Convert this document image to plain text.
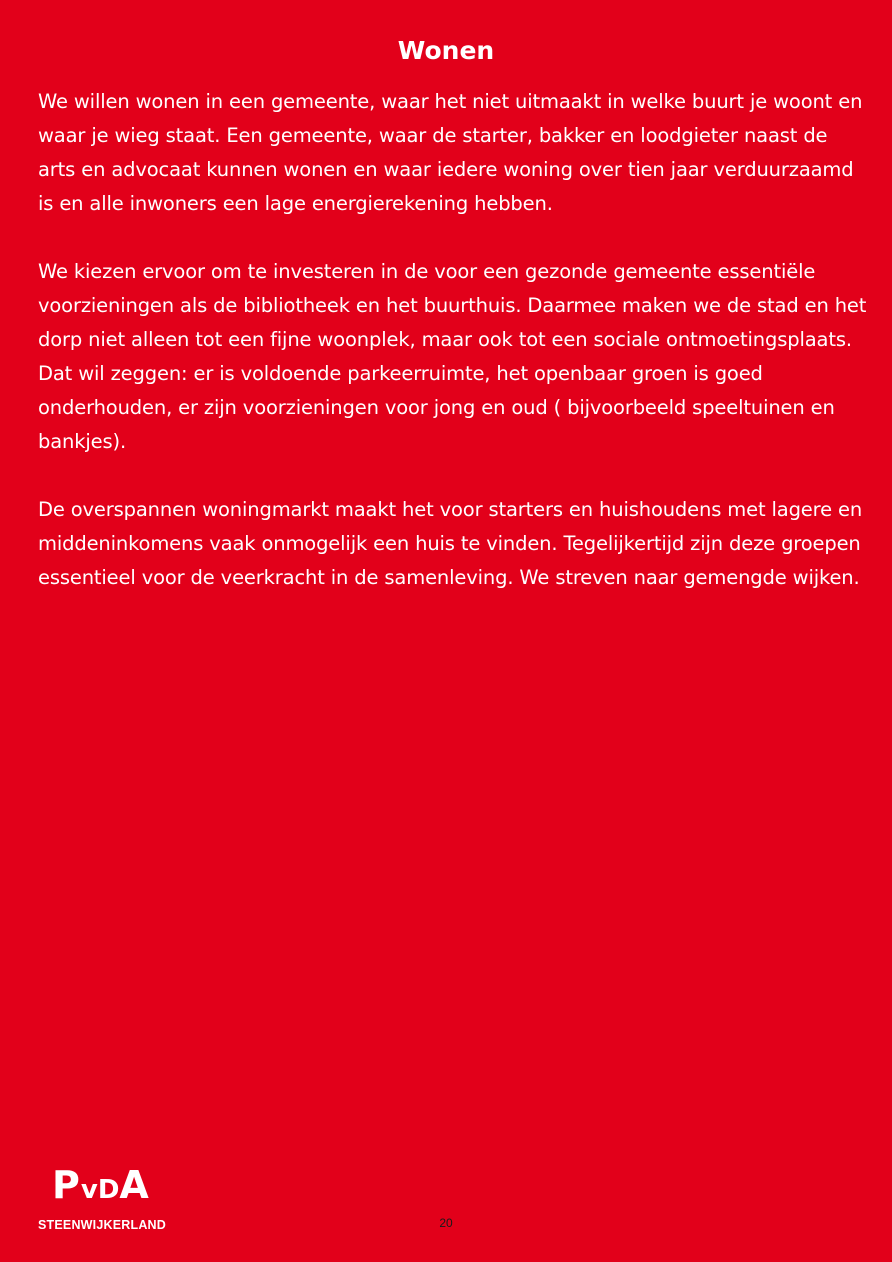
Wonen

We willen wonen in een gemeente, waar het niet uitmaakt in welke buurt je woont en waar je wieg staat. Een gemeente, waar de starter, bakker en loodgieter naast de arts en advocaat kunnen wonen en waar iedere woning over tien jaar verduurzaamd is en alle inwoners een lage energierekening hebben.

We kiezen ervoor om te investeren in de voor een gezonde gemeente essentiële voorzieningen als de bibliotheek en het buurthuis. Daarmee maken we de stad en het dorp niet alleen tot een fijne woonplek, maar ook tot een sociale ontmoetingsplaats. Dat wil zeggen: er is voldoende parkeerruimte, het openbaar groen is goed onderhouden, er zijn voorzieningen voor jong en oud ( bijvoorbeeld speeltuinen en bankjes).

De overspannen woningmarkt maakt het voor starters en huishoudens met lagere en middeninkomens vaak onmogelijk een huis te vinden. Tegelijkertijd zijn deze groepen essentieel voor de veerkracht in de samenleving. We streven naar gemengde wijken.

PvDA
STEENWIJKERLAND	20
